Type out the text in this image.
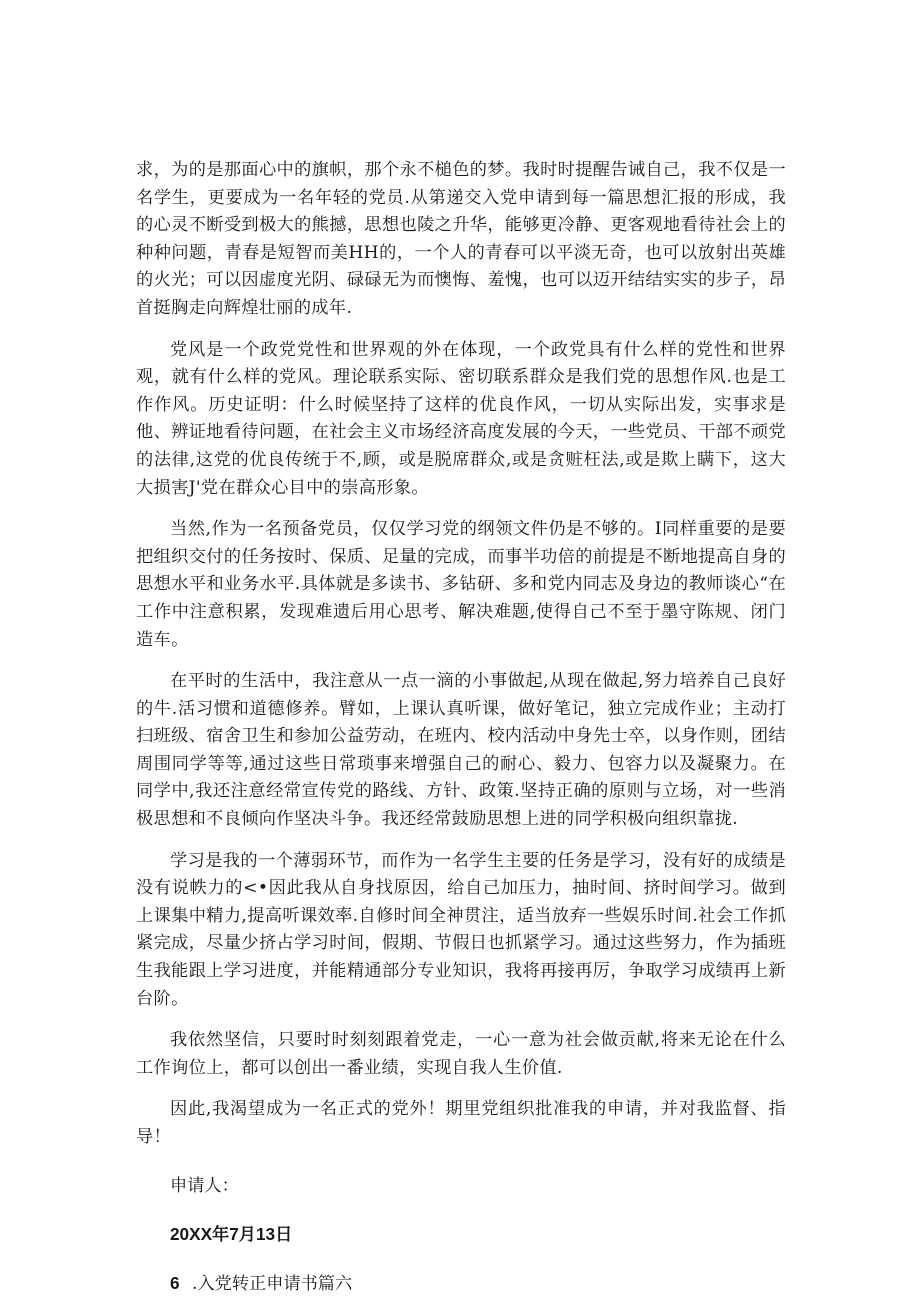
求，为的是那面心中的旗帜，那个永不槌色的梦。我时时提醒告诫自己，我不仅是一名学生，更要成为一名年轻的党员.从第递交入党申请到每一篇思想汇报的形成，我的心灵不断受到极大的熊撼，思想也陵之升华，能够更冷静、更客观地看待社会上的种种问题，青春是短智而美HH的，一个人的青春可以平淡无奇，也可以放射出英雄的火光；可以因虚度光阴、碌碌无为而懊悔、羞愧，也可以迈开结结实实的步子，昂首挺胸走向辉煌壮丽的成年.

党风是一个政党党性和世界观的外在体现，一个政党具有什么样的党性和世界观，就有什么样的党风。理论联系实际、密切联系群众是我们党的思想作风.也是工作作风。历史证明：什么时候坚持了这样的优良作风，一切从实际出发，实事求是他、辨证地看待问题，在社会主义市场经济高度发展的今天，一些党员、干部不顽党的法律,这党的优良传统于不,顾，或是脱席群众,或是贪赃枉法,或是欺上瞒下，这大大损害J'党在群众心目中的崇高形象。

当然,作为一名预备党员，仅仅学习党的纲领文件仍是不够的。I同样重要的是要把组织交付的任务按时、保质、足量的完成，而事半功倍的前提是不断地提高自身的思想水平和业务水平.具体就是多读书、多钻研、多和党内同志及身边的教师谈心“在工作中注意积累，发现难遗后用心思考、解决难题,使得自己不至于墨守陈规、闭门造车。

在平时的生活中，我注意从一点一滴的小事做起,从现在做起,努力培养自己良好的牛.活习惯和道德修养。臂如，上课认真听课，做好笔记，独立完成作业；主动打扫班级、宿舍卫生和参加公益劳动，在班内、校内活动中身先士卒，以身作则，团结周围同学等等,通过这些日常琐事来增强自己的耐心、毅力、包容力以及凝聚力。在同学中,我还注意经常宣传党的路线、方针、政策.坚持正确的原则与立场，对一些消极思想和不良倾向作坚决斗争。我还经常鼓励思想上进的同学积极向组织靠拢.

学习是我的一个薄弱环节，而作为一名学生主要的任务是学习，没有好的成绩是没有说帙力的<•因此我从自身找原因，给自己加压力，抽时间、挤时间学习。做到上课集中精力,提高听课效率.自修时间全神贯注，适当放弃一些娱乐时间.社会工作抓紧完成，尽量少挤占学习时间，假期、节假日也抓紧学习。通过这些努力，作为插班生我能跟上学习进度，并能精通部分专业知识，我将再接再厉，争取学习成绩再上新台阶。

我依然坚信，只要时时刻刻跟着党走，一心一意为社会做贡献,将来无论在什么工作询位上，都可以创出一番业绩，实现自我人生价值.

因此,我渴望成为一名正式的党外！期里党组织批准我的申请，并对我监督、指导！

申请人：

20XX年7月13日

6 .入党转正申请书篇六
